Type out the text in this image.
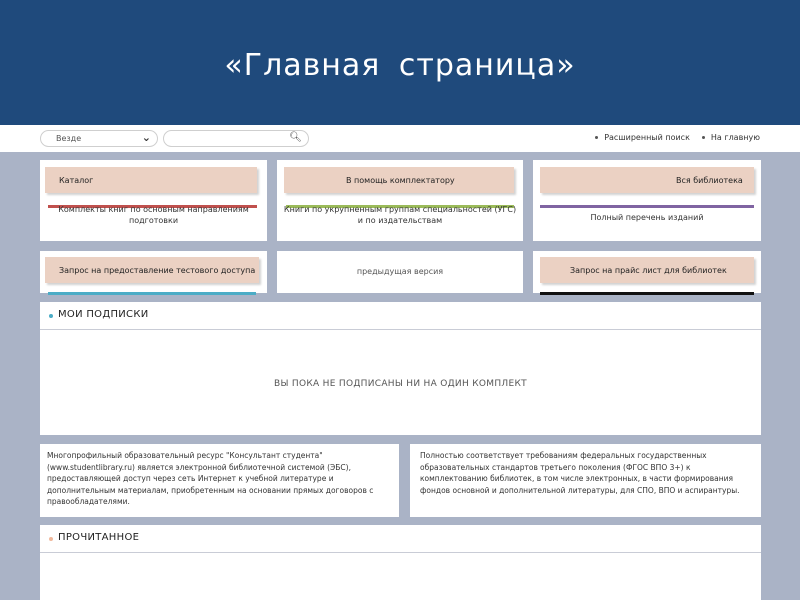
«Главная страница»
Везде	⌄	🔍︎	Расширенный поиск	На главную
Каталог
Комплекты книг по основным направлениям подготовки
В помощь комплектатору
Книги по укрупненным группам специальностей (УГС) и по издательствам
Вся библиотека
Полный перечень изданий
Запрос на предоставление тестового доступа	предыдущая версия	Запрос на прайс лист для библиотек
МОИ ПОДПИСКИ
ВЫ ПОКА НЕ ПОДПИСАНЫ НИ НА ОДИН КОМПЛЕКТ
Многопрофильный образовательный ресурс "Консультант студента" (www.studentlibrary.ru) является электронной библиотечной системой (ЭБС), предоставляющей доступ через сеть Интернет к учебной литературе и дополнительным материалам, приобретенным на основании прямых договоров с правообладателями.
Полностью соответствует требованиям федеральных государственных образовательных стандартов третьего поколения (ФГОС ВПО 3+) к комплектованию библиотек, в том числе электронных, в части формирования фондов основной и дополнительной литературы, для СПО, ВПО и аспирантуры.
ПРОЧИТАННОЕ
